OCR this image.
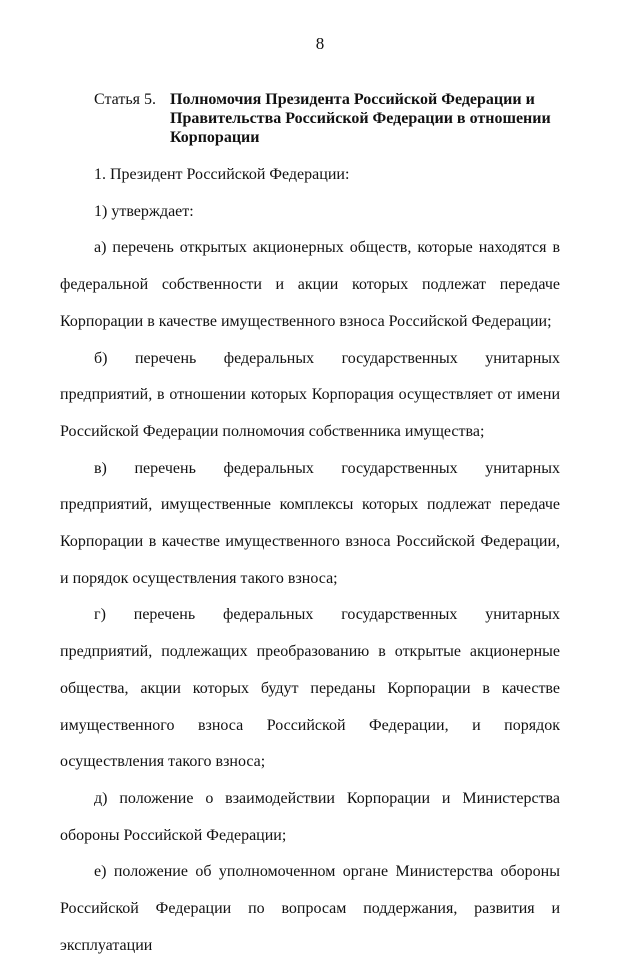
8
Статья 5. Полномочия Президента Российской Федерации и Правительства Российской Федерации в отношении Корпорации

1. Президент Российской Федерации:

1) утверждает:

а) перечень открытых акционерных обществ, которые находятся в федеральной собственности и акции которых подлежат передаче Корпорации в качестве имущественного взноса Российской Федерации;

б) перечень федеральных государственных унитарных предприятий, в отношении которых Корпорация осуществляет от имени Российской Федерации полномочия собственника имущества;

в) перечень федеральных государственных унитарных предприятий, имущественные комплексы которых подлежат передаче Корпорации в качестве имущественного взноса Российской Федерации, и порядок осуществления такого взноса;

г) перечень федеральных государственных унитарных предприятий, подлежащих преобразованию в открытые акционерные общества, акции которых будут переданы Корпорации в качестве имущественного взноса Российской Федерации, и порядок осуществления такого взноса;

д) положение о взаимодействии Корпорации и Министерства обороны Российской Федерации;

е) положение об уполномоченном органе Министерства обороны Российской Федерации по вопросам поддержания, развития и эксплуатации
